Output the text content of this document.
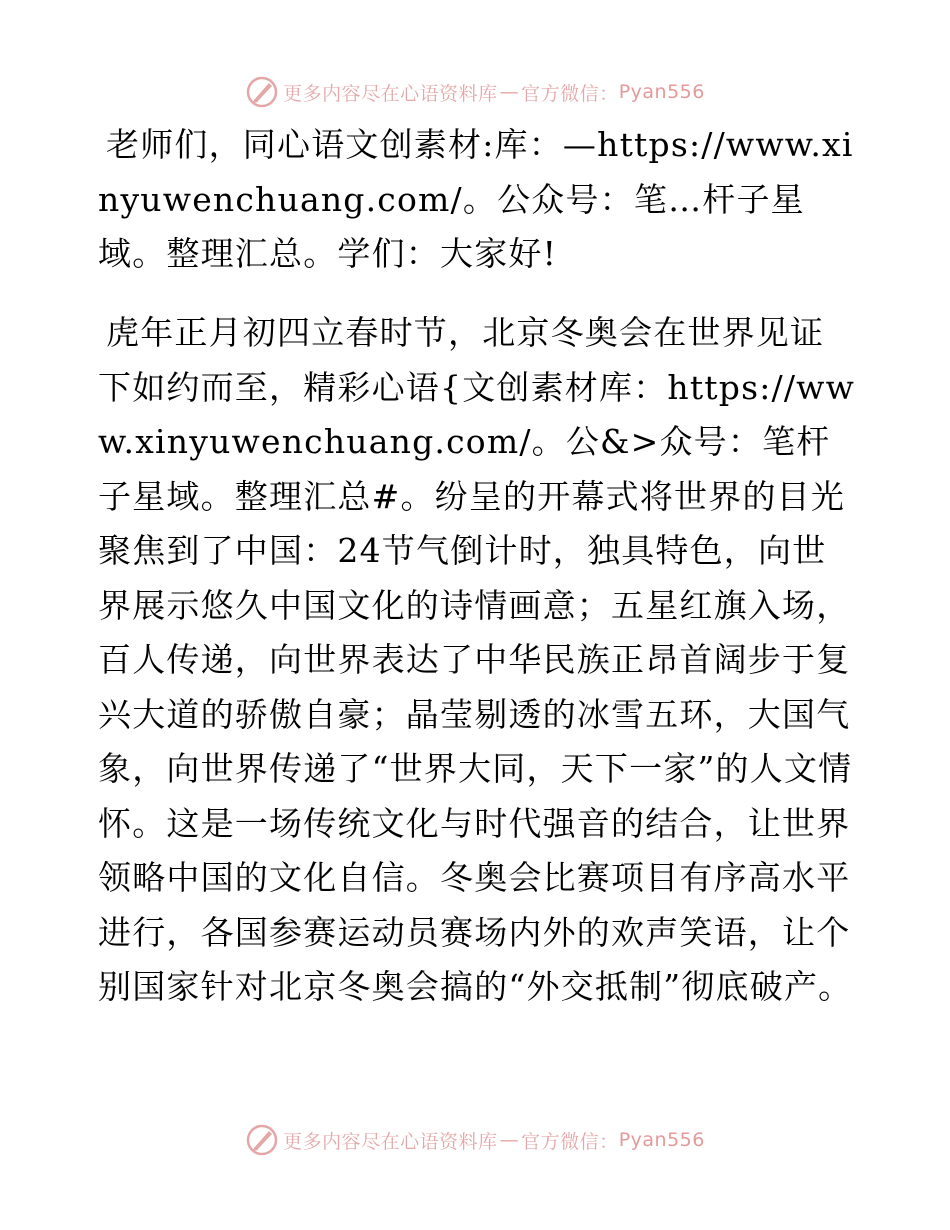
更多内容尽在心语资料库 — 官方微信： Pyan556

老师们，同心语文创素材:库：—https://www.xinyuwenchuang.com/。公众号：笔…杆子星域。整理汇总。学们：大家好!

虎年正月初四立春时节，北京冬奥会在世界见证下如约而至，精彩心语{文创素材库：https://www.xinyuwenchuang.com/。公&>众号：笔杆子星域。整理汇总#。纷呈的开幕式将世界的目光聚焦到了中国：24节气倒计时，独具特色，向世界展示悠久中国文化的诗情画意；五星红旗入场，百人传递，向世界表达了中华民族正昂首阔步于复兴大道的骄傲自豪；晶莹剔透的冰雪五环，大国气象，向世界传递了“世界大同，天下一家”的人文情怀。这是一场传统文化与时代强音的结合，让世界领略中国的文化自信。冬奥会比赛项目有序高水平进行，各国参赛运动员赛场内外的欢声笑语，让个别国家针对北京冬奥会搞的“外交抵制”彻底破产。

更多内容尽在心语资料库 — 官方微信： Pyan556
